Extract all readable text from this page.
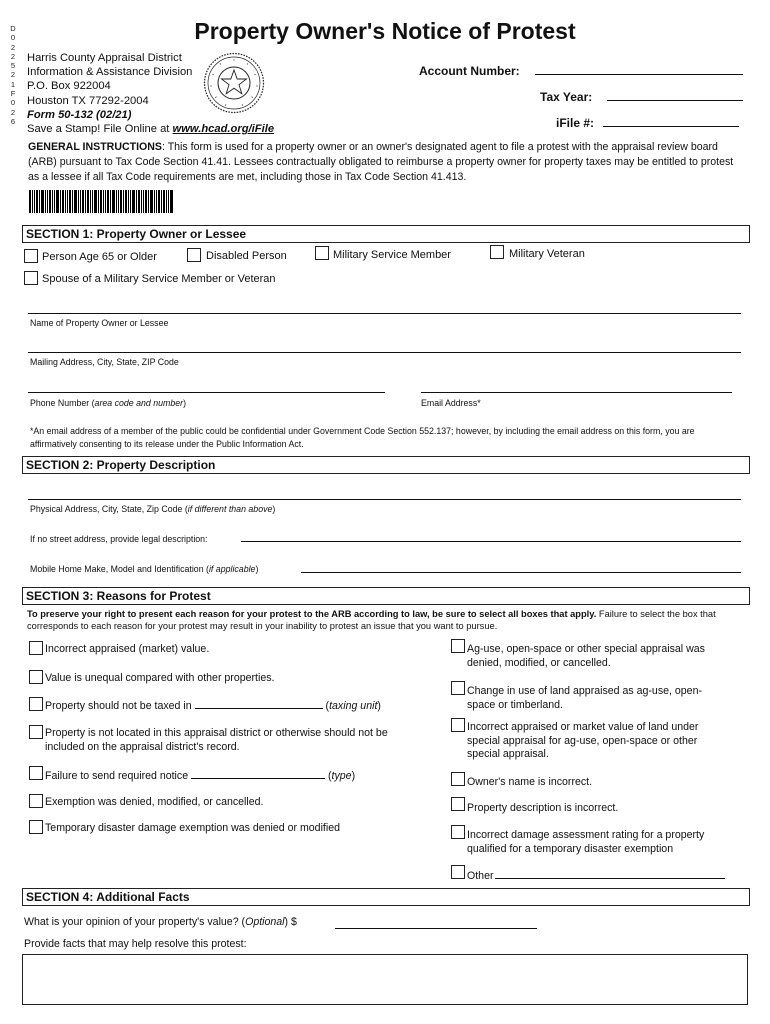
D
0
2
2
5
2
1
F
0
2
6
Property Owner's Notice of Protest
Harris County Appraisal District
Information & Assistance Division
P.O. Box 922004
Houston TX 77292-2004
Form 50-132 (02/21)
Save a Stamp! File Online at www.hcad.org/iFile
Account Number:
Tax Year:
iFile #:
GENERAL INSTRUCTIONS: This form is used for a property owner or an owner's designated agent to file a protest with the appraisal review board (ARB) pursuant to Tax Code Section 41.41. Lessees contractually obligated to reimburse a property owner for property taxes may be entitled to protest as a lessee if all Tax Code requirements are met, including those in Tax Code Section 41.413.
SECTION 1: Property Owner or Lessee
Person Age 65 or Older	Disabled Person	Military Service Member	Military Veteran
Spouse of a Military Service Member or Veteran
Name of Property Owner or Lessee
Mailing Address, City, State, ZIP Code
Phone Number (area code and number)	Email Address*
*An email address of a member of the public could be confidential under Government Code Section 552.137; however, by including the email address on this form, you are affirmatively consenting to its release under the Public Information Act.
SECTION 2: Property Description
Physical Address, City, State, Zip Code (if different than above)
If no street address, provide legal description:
Mobile Home Make, Model and Identification (if applicable)
SECTION 3: Reasons for Protest
To preserve your right to present each reason for your protest to the ARB according to law, be sure to select all boxes that apply. Failure to select the box that corresponds to each reason for your protest may result in your inability to protest an issue that you want to pursue.
Incorrect appraised (market) value.
Value is unequal compared with other properties.
Property should not be taxed in	(taxing unit)
Property is not located in this appraisal district or otherwise should not be included on the appraisal district's record.
Failure to send required notice	(type)
Exemption was denied, modified, or cancelled.
Temporary disaster damage exemption was denied or modified
Ag-use, open-space or other special appraisal was denied, modified, or cancelled.
Change in use of land appraised as ag-use, open-space or timberland.
Incorrect appraised or market value of land under special appraisal for ag-use, open-space or other special appraisal.
Owner's name is incorrect.
Property description is incorrect.
Incorrect damage assessment rating for a property qualified for a temporary disaster exemption
Other
SECTION 4: Additional Facts
What is your opinion of your property's value? (Optional) $
Provide facts that may help resolve this protest:
